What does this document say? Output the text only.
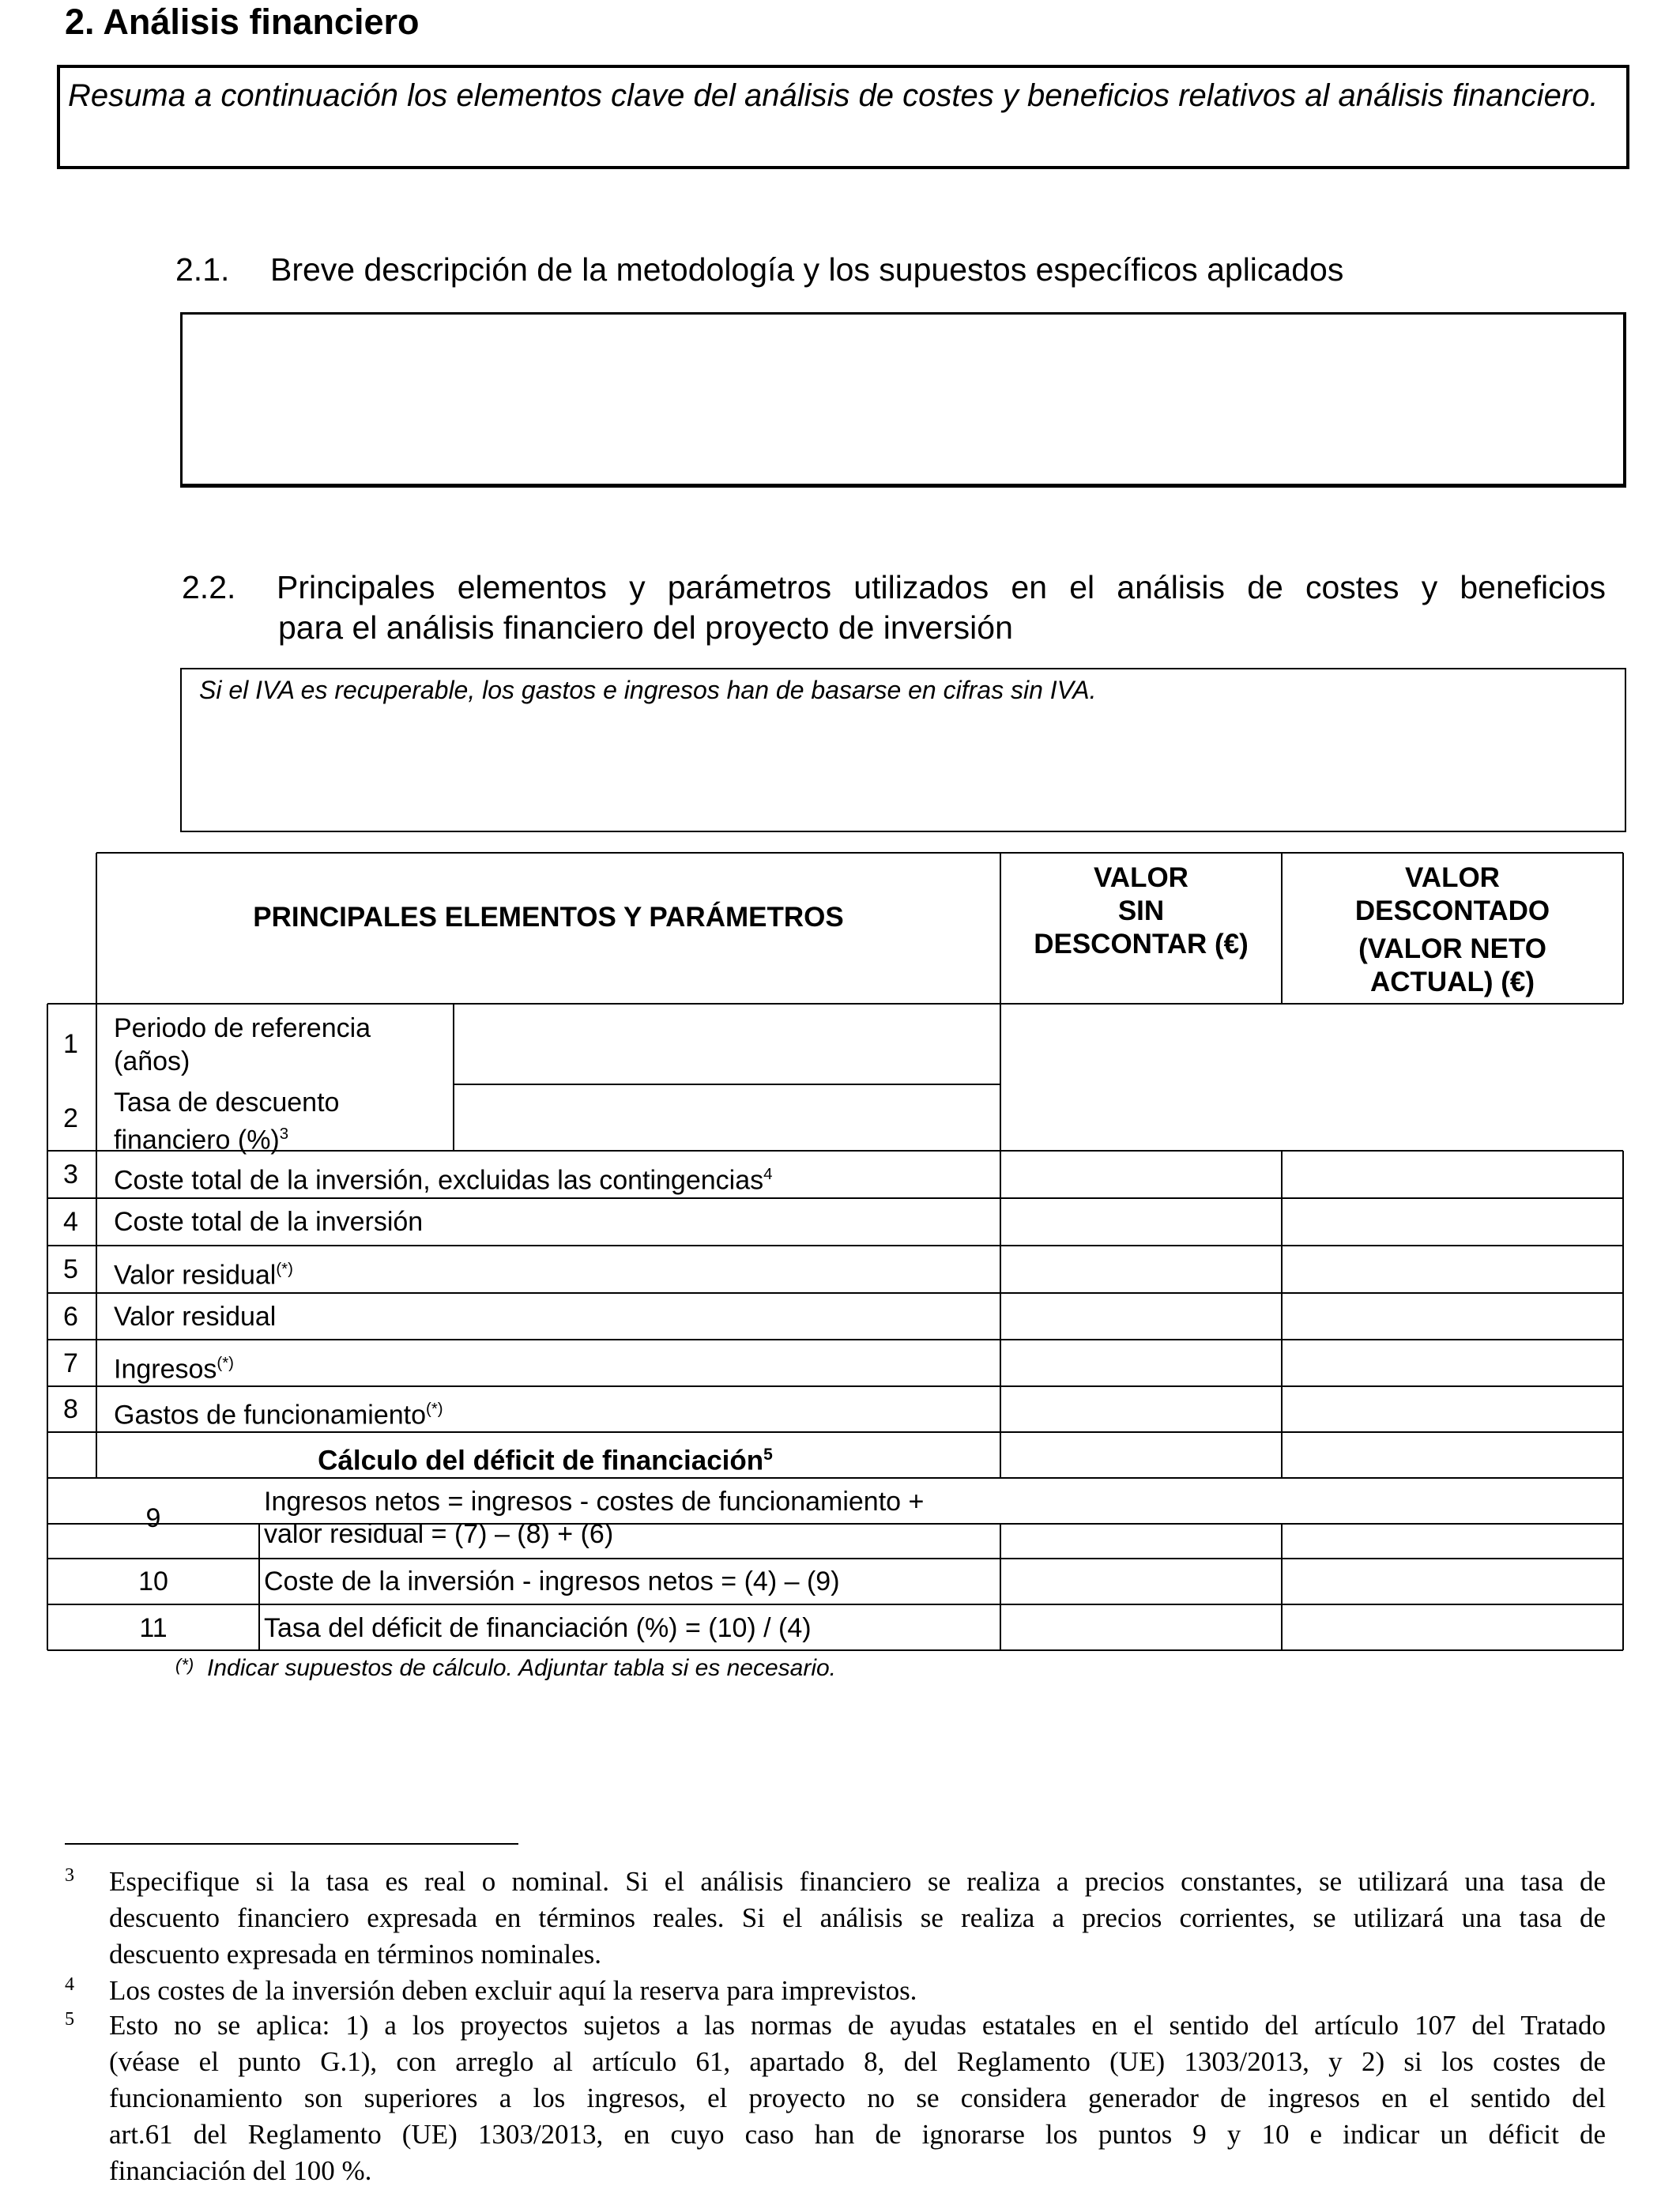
2. Análisis financiero
Resuma a continuación los elementos clave del análisis de costes y beneficios relativos al análisis financiero.
2.1. Breve descripción de la metodología y los supuestos específicos aplicados
2.2. Principales elementos y parámetros utilizados en el análisis de costes y beneficios
para el análisis financiero del proyecto de inversión
Si el IVA es recuperable, los gastos e ingresos han de basarse en cifras sin IVA.
PRINCIPALES ELEMENTOS Y PARÁMETROS
VALOR
SIN
DESCONTAR (€)
VALOR
DESCONTADO
(VALOR NETO
ACTUAL) (€)
1
Periodo de referencia
(años)
2
Tasa de descuento
financiero (%)$^3$
3 Coste total de la inversión, excluidas las contingencias$^4$
4 Coste total de la inversión
5 Valor residual(*)
6 Valor residual
7 Ingresos(*)
8 Gastos de funcionamiento(*)
Cálculo del déficit de financiación$^5$
9
Ingresos netos = ingresos - costes de funcionamiento +
valor residual = (7) – (8) + (6)
10	Coste de la inversión - ingresos netos = (4) – (9)
11	Tasa del déficit de financiación (%) = (10) / (4)
(*) Indicar supuestos de cálculo. Adjuntar tabla si es necesario.
3 Especifique si la tasa es real o nominal. Si el análisis financiero se realiza a precios constantes, se utilizará una tasa de
descuento financiero expresada en términos reales. Si el análisis se realiza a precios corrientes, se utilizará una tasa de
descuento expresada en términos nominales.
4 Los costes de la inversión deben excluir aquí la reserva para imprevistos.
5 Esto no se aplica: 1) a los proyectos sujetos a las normas de ayudas estatales en el sentido del artículo 107 del Tratado
(véase el punto G.1), con arreglo al artículo 61, apartado 8, del Reglamento (UE) 1303/2013, y 2) si los costes de
funcionamiento son superiores a los ingresos, el proyecto no se considera generador de ingresos en el sentido del
art.61 del Reglamento (UE) 1303/2013, en cuyo caso han de ignorarse los puntos 9 y 10 e indicar un déficit de
financiación del 100 %.
